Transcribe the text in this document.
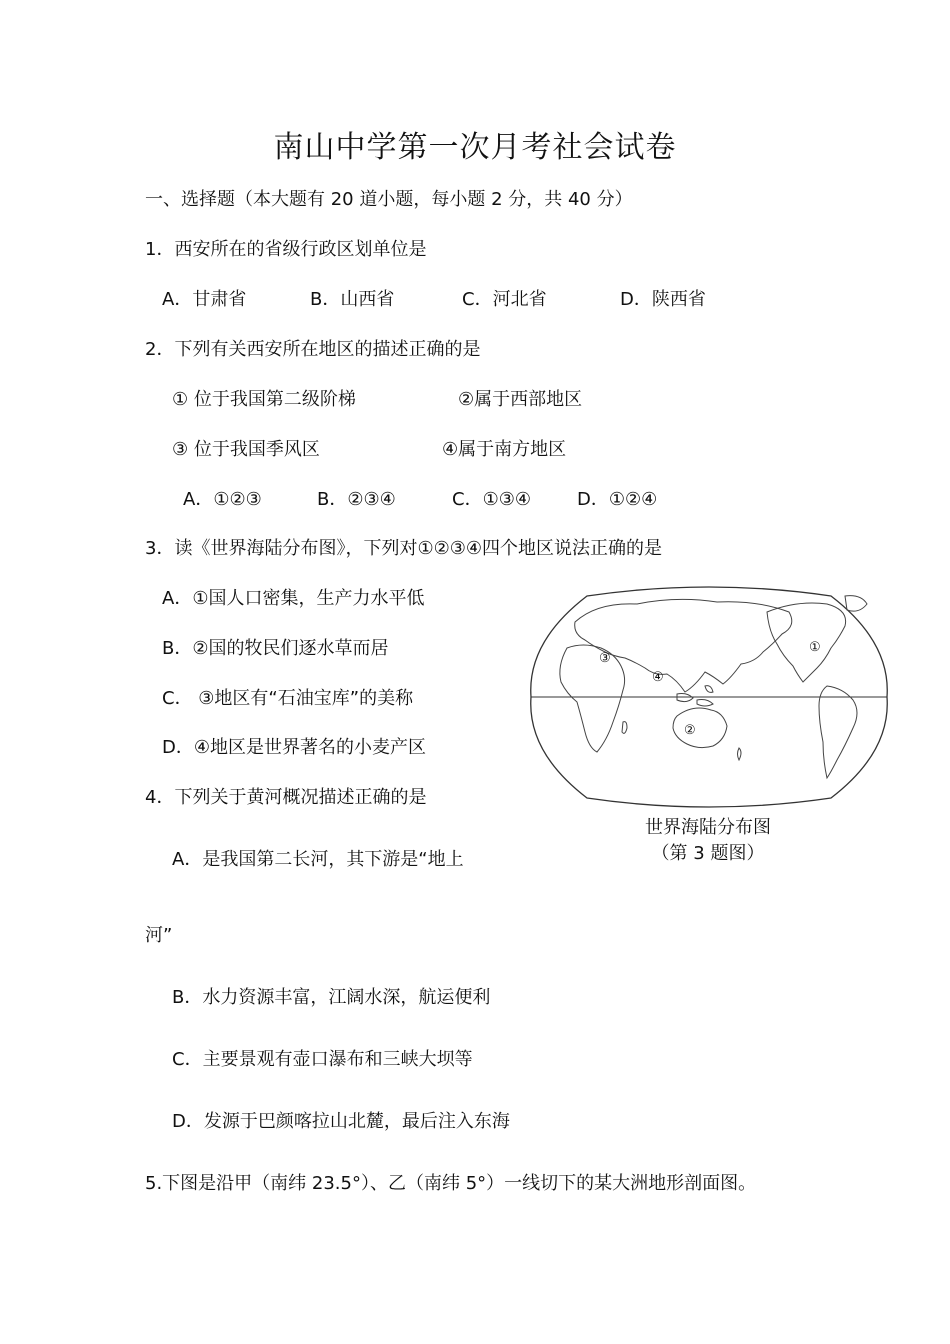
南山中学第一次月考社会试卷
一、选择题（本大题有 20 道小题，每小题 2 分，共 40 分）
1．西安所在的省级行政区划单位是
A．甘肃省	B．山西省	C．河北省	D．陕西省
2．下列有关西安所在地区的描述正确的是
① 位于我国第二级阶梯	②属于西部地区
③ 位于我国季风区	④属于南方地区
A．①②③	B．②③④	C．①③④	D．①②④
3．读《世界海陆分布图》，下列对①②③④四个地区说法正确的是
A．①国人口密集，生产力水平低
B．②国的牧民们逐水草而居
C． ③地区有“石油宝库”的美称
D．④地区是世界著名的小麦产区
①
②
③
④
世界海陆分布图
（第 3 题图）
4．下列关于黄河概况描述正确的是
A．是我国第二长河，其下游是“地上
河”
B．水力资源丰富，江阔水深，航运便利
C．主要景观有壶口瀑布和三峡大坝等
D．发源于巴颜喀拉山北麓，最后注入东海
5.下图是沿甲（南纬 23.5°）、乙（南纬 5°）一线切下的某大洲地形剖面图。
